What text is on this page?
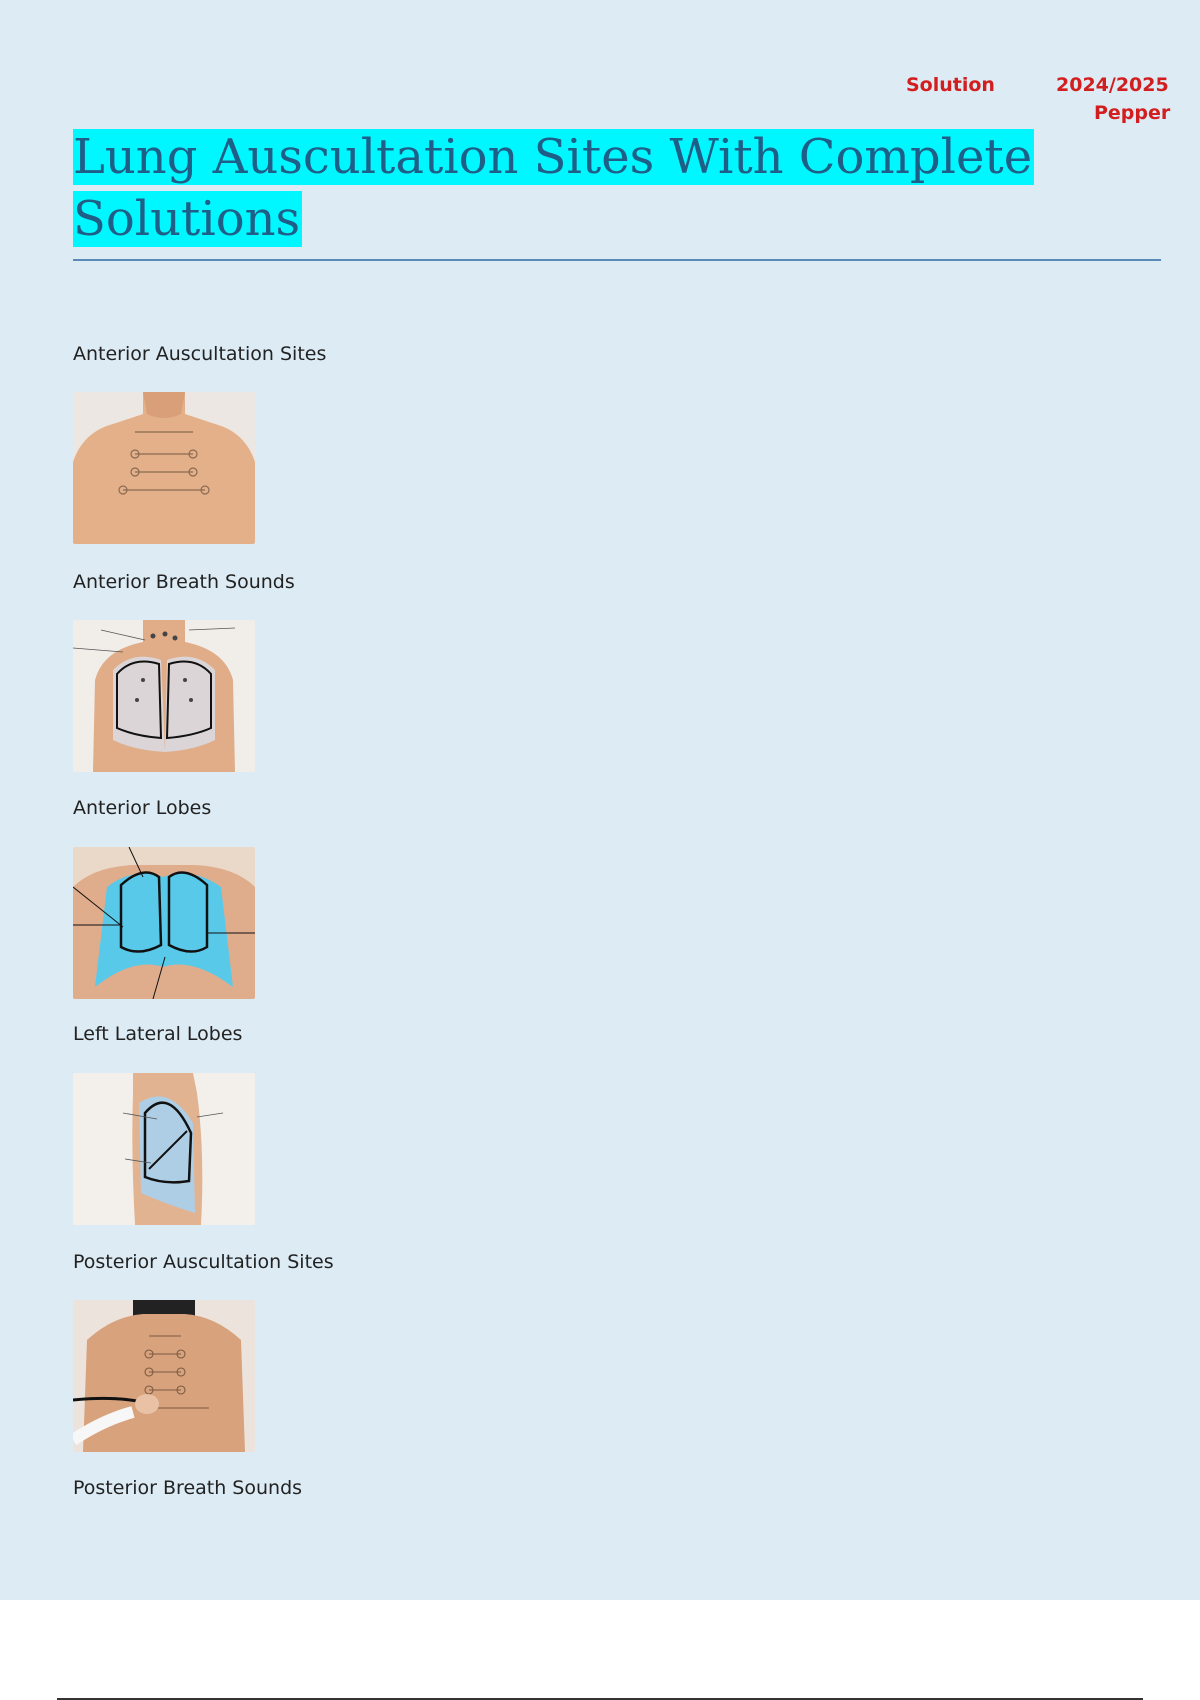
Solution	2024/2025
Pepper
Lung Auscultation Sites With Complete
Solutions
Anterior Auscultation Sites
Anterior Breath Sounds
Anterior Lobes
Left Lateral Lobes
Posterior Auscultation Sites
Posterior Breath Sounds
